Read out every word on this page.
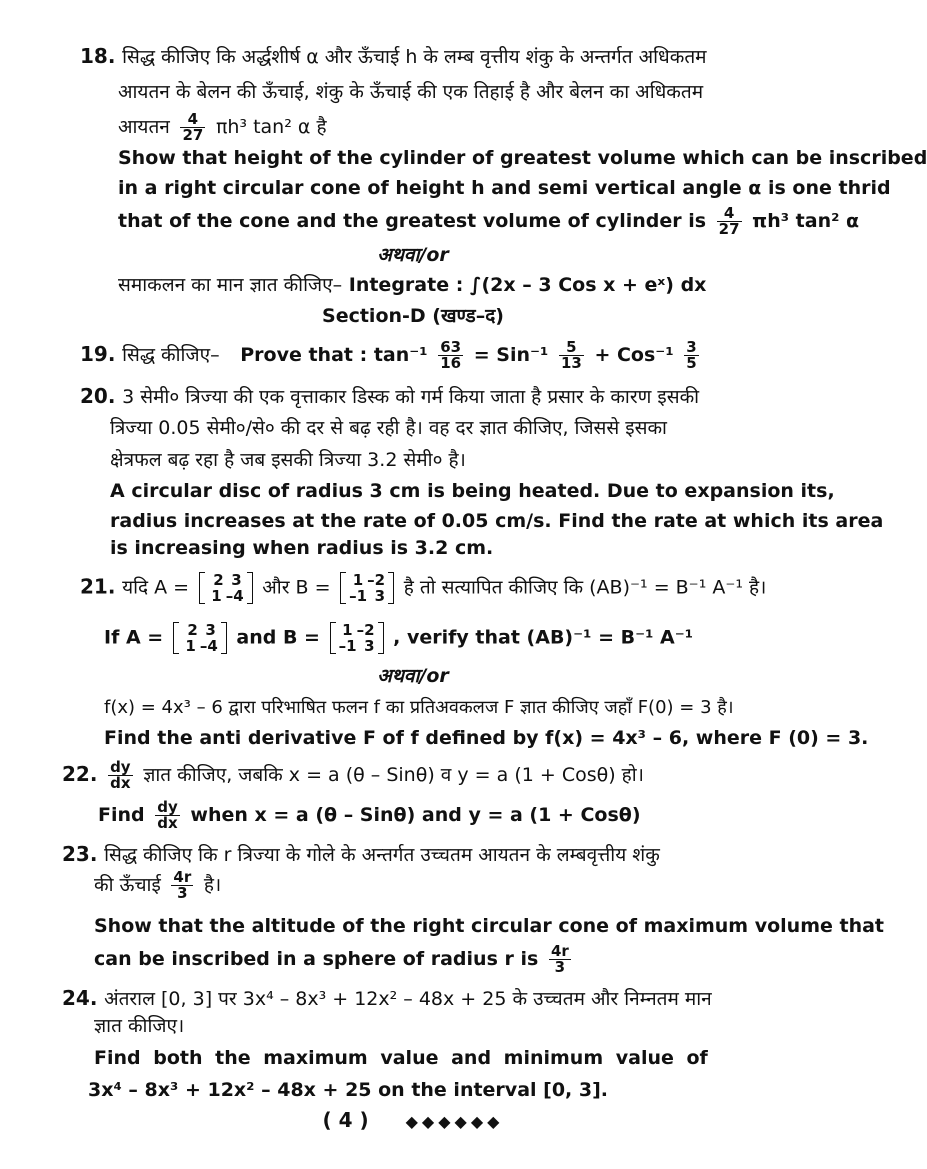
18. सिद्ध कीजिए कि अर्द्धशीर्ष α और ऊँचाई h के लम्ब वृत्तीय शंकु के अन्तर्गत अधिकतम
आयतन के बेलन की ऊँचाई, शंकु के ऊँचाई की एक तिहाई है और बेलन का अधिकतम
आयतन $\frac{4}{27} \pi h^3$ tan² α है
Show that height of the cylinder of greatest volume which can be inscribed
in a right circular cone of height h and semi vertical angle α is one thrid
that of the cone and the greatest volume of cylinder is $\frac{4}{27} \pi h^3$ tan² α
अथवा/or
समाकलन का मान ज्ञात कीजिए– Integrate : ∫(2x – 3 Cos x + eˣ) dx
Section-D (खण्ड–द)
19. सिद्ध कीजिए– Prove that : $\tan^{-1} \frac{63}{16} = Sin^{-1} \frac{5}{13} + Cos^{-1} \frac{3}{5}$
20. 3 सेमी० त्रिज्या की एक वृत्ताकार डिस्क को गर्म किया जाता है प्रसार के कारण इसकी
त्रिज्या 0.05 सेमी०/से० की दर से बढ़ रही है। वह दर ज्ञात कीजिए, जिससे इसका
क्षेत्रफल बढ़ रहा है जब इसकी त्रिज्या 3.2 सेमी० है।
A circular disc of radius 3 cm is being heated. Due to expansion its,
radius increases at the rate of 0.05 cm/s. Find the rate at which its area
is increasing when radius is 3.2 cm.
21. यदि A =	2 3
1 –4 और B =	1 –2
–1 3 है तो सत्यापित कीजिए कि (AB)⁻¹ = B⁻¹ A⁻¹ है।
If A =	2 3
1 –4 and B =	1 –2
–1 3 , verify that (AB)⁻¹ = B⁻¹ A⁻¹
अथवा/or
f(x) = 4x³ – 6 द्वारा परिभाषित फलन f का प्रतिअवकलज F ज्ञात कीजिए जहाँ F(0) = 3 है।
Find the anti derivative F of f defined by f(x) = 4x³ – 6, where F (0) = 3.
22. $\frac{dy}{dx}$ ज्ञात कीजिए, जबकि x = a (θ – Sinθ) व y = a (1 + Cosθ) हो।
Find $\frac{dy}{dx}$ when x = a (θ – Sinθ) and y = a (1 + Cosθ)
23. सिद्ध कीजिए कि r त्रिज्या के गोले के अन्तर्गत उच्चतम आयतन के लम्बवृत्तीय शंकु
की ऊँचाई $\frac{4r}{3}$ है।
Show that the altitude of the right circular cone of maximum volume that
can be inscribed in a sphere of radius r is $\frac{4r}{3}$
24. अंतराल [0, 3] पर 3x⁴ – 8x³ + 12x² – 48x + 25 के उच्चतम और निम्नतम मान
ज्ञात कीजिए।
Find both the maximum value and minimum value of
3x⁴ – 8x³ + 12x² – 48x + 25 on the interval [0, 3].
( 4 ) ◆◆◆◆◆◆
